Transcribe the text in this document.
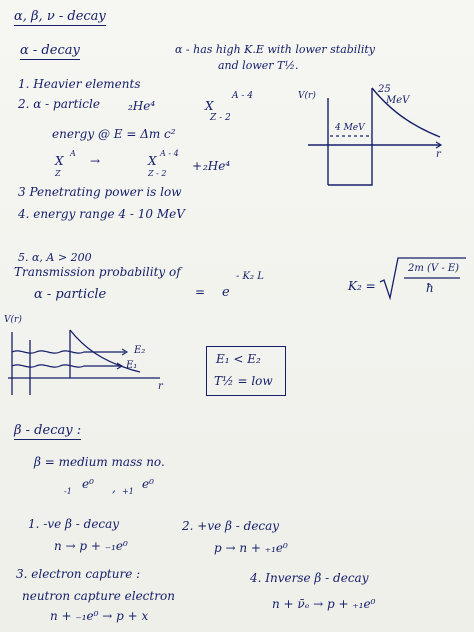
α, β, ν - decay
α - decay	α - has high K.E with lower stability
and lower T½.
1. Heavier elements
2. α - particle ₂He⁴
A - 4
X
Z - 2
energy @ E = Δm c²
A
X
Z
→
A - 4
X
Z - 2
+ ₂He⁴
3 Penetrating power is low
4. energy range 4 - 10 MeV
V(r)
25
MeV
4 MeV
r
5. α, A > 200
Transmission probability of
α - particle	= e
- K₂ L
K₂ =
2m (V - E)
ħ
V(r)
E₂
E₁
r
E₁ < E₂
T½ = low
β - decay :
β = medium mass no.
-1
e⁰ , +1
e⁰
1. -ve β - decay
n → p + ₋₁e⁰
2. +ve β - decay
p → n + ₊₁e⁰
3. electron capture :
neutron capture electron
n + ₋₁e⁰ → p + x
4. Inverse β - decay
n + ν̄ₑ → p + ₊₁e⁰
